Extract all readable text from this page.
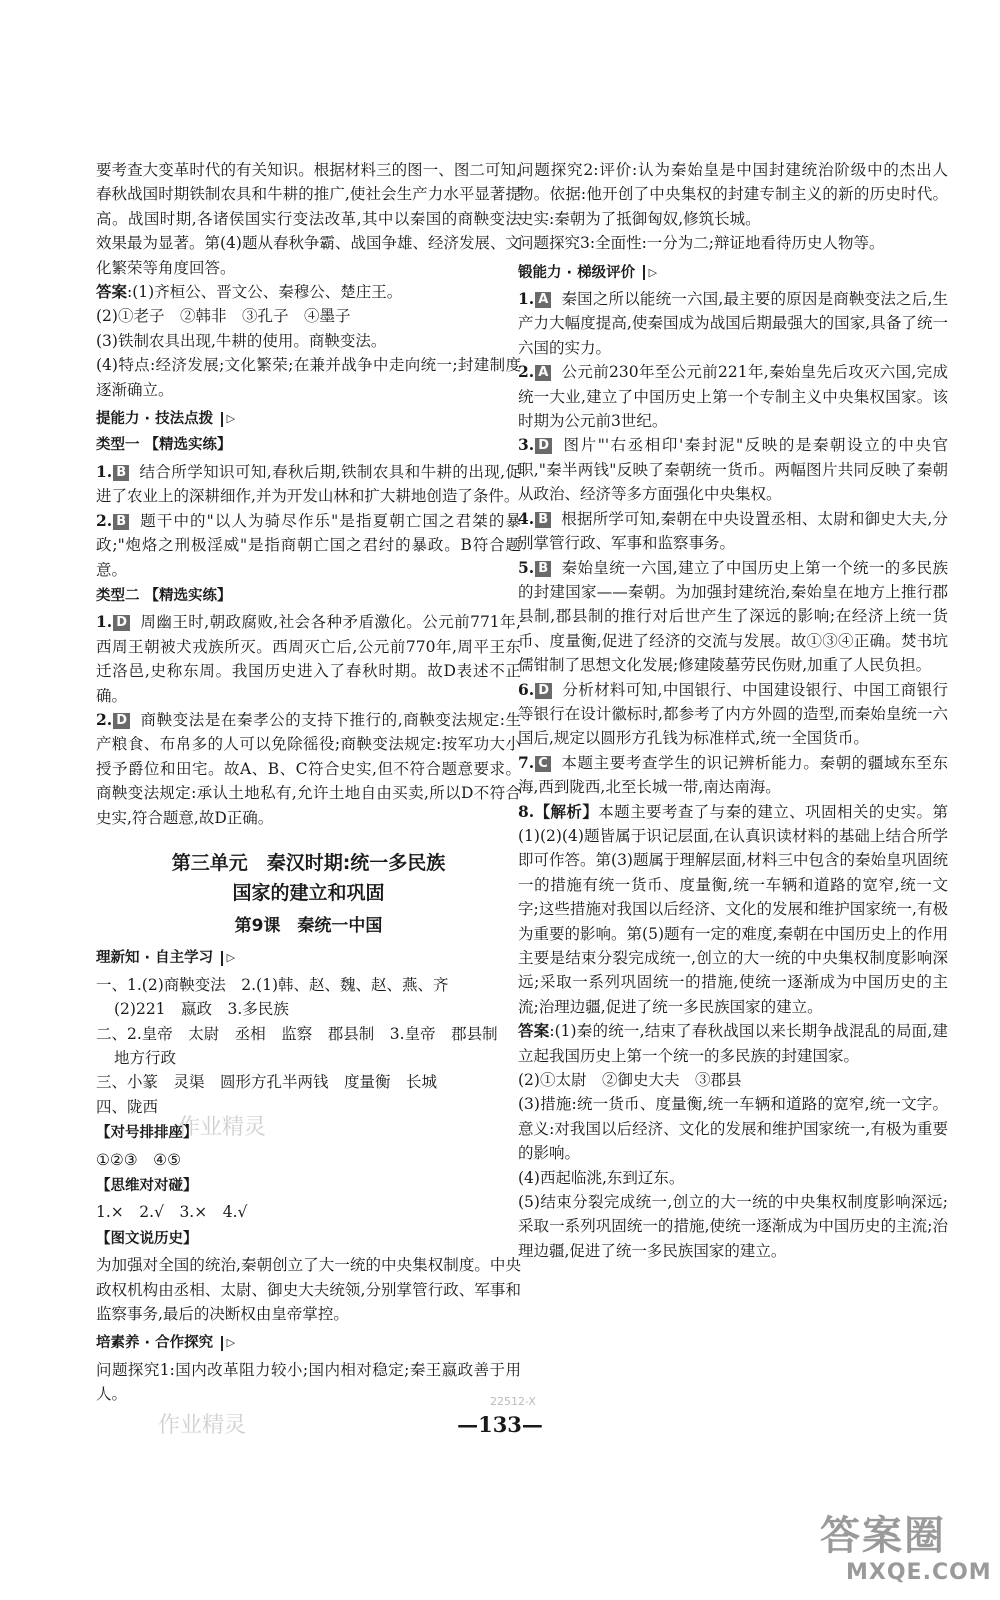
要考查大变革时代的有关知识。根据材料三的图一、图二可知,春秋战国时期铁制农具和牛耕的推广,使社会生产力水平显著提高。战国时期,各诸侯国实行变法改革,其中以秦国的商鞅变法效果最为显著。第(4)题从春秋争霸、战国争雄、经济发展、文化繁荣等角度回答。

答案:(1)齐桓公、晋文公、秦穆公、楚庄王。

(2)①老子　②韩非　③孔子　④墨子

(3)铁制农具出现,牛耕的使用。商鞅变法。

(4)特点:经济发展;文化繁荣;在兼并战争中走向统一;封建制度逐渐确立。

提能力 · 技法点拨 ▷
类型一 【精选实练】

1. B 结合所学知识可知,春秋后期,铁制农具和牛耕的出现,促进了农业上的深耕细作,并为开发山林和扩大耕地创造了条件。

2. B 题干中的"以人为骑尽作乐"是指夏朝亡国之君桀的暴政;"炮烙之刑极淫威"是指商朝亡国之君纣的暴政。B符合题意。

类型二 【精选实练】

1. D 周幽王时,朝政腐败,社会各种矛盾激化。公元前771年,西周王朝被犬戎族所灭。西周灭亡后,公元前770年,周平王东迁洛邑,史称东周。我国历史进入了春秋时期。故D表述不正确。

2. D 商鞅变法是在秦孝公的支持下推行的,商鞅变法规定:生产粮食、布帛多的人可以免除徭役;商鞅变法规定:按军功大小授予爵位和田宅。故A、B、C符合史实,但不符合题意要求。商鞅变法规定:承认土地私有,允许土地自由买卖,所以D不符合史实,符合题意,故D正确。

第三单元　秦汉时期:统一多民族
国家的建立和巩固
第9课　秦统一中国
理新知 · 自主学习 ▷

一、1.(2)商鞅变法　2.(1)韩、赵、魏、赵、燕、齐

(2)221　嬴政　3.多民族

二、2.皇帝　太尉　丞相　监察　郡县制　3.皇帝　郡县制

地方行政

三、小篆　灵渠　圆形方孔半两钱　度量衡　长城

四、陇西

【对号排排座】

①②③　④⑤

【思维对对碰】

1.×　2.√　3.×　4.√

【图文说历史】

为加强对全国的统治,秦朝创立了大一统的中央集权制度。中央政权机构由丞相、太尉、御史大夫统领,分别掌管行政、军事和监察事务,最后的决断权由皇帝掌控。

培素养 · 合作探究 ▷

问题探究1:国内改革阻力较小;国内相对稳定;秦王嬴政善于用人。

问题探究2:评价:认为秦始皇是中国封建统治阶级中的杰出人物。依据:他开创了中央集权的封建专制主义的新的历史时代。史实:秦朝为了抵御匈奴,修筑长城。

问题探究3:全面性:一分为二;辩证地看待历史人物等。

锻能力 · 梯级评价 ▷

1. A 秦国之所以能统一六国,最主要的原因是商鞅变法之后,生产力大幅度提高,使秦国成为战国后期最强大的国家,具备了统一六国的实力。

2. A 公元前230年至公元前221年,秦始皇先后攻灭六国,完成统一大业,建立了中国历史上第一个专制主义中央集权国家。该时期为公元前3世纪。

3. D 图片"'右丞相印'秦封泥"反映的是秦朝设立的中央官职,"秦半两钱"反映了秦朝统一货币。两幅图片共同反映了秦朝从政治、经济等多方面强化中央集权。

4. B 根据所学可知,秦朝在中央设置丞相、太尉和御史大夫,分别掌管行政、军事和监察事务。

5. B 秦始皇统一六国,建立了中国历史上第一个统一的多民族的封建国家——秦朝。为加强封建统治,秦始皇在地方上推行郡县制,郡县制的推行对后世产生了深远的影响;在经济上统一货币、度量衡,促进了经济的交流与发展。故①③④正确。焚书坑儒钳制了思想文化发展;修建陵墓劳民伤财,加重了人民负担。

6. D 分析材料可知,中国银行、中国建设银行、中国工商银行等银行在设计徽标时,都参考了内方外圆的造型,而秦始皇统一六国后,规定以圆形方孔钱为标准样式,统一全国货币。

7. C 本题主要考查学生的识记辨析能力。秦朝的疆域东至东海,西到陇西,北至长城一带,南达南海。

8.【解析】本题主要考查了与秦的建立、巩固相关的史实。第(1)(2)(4)题皆属于识记层面,在认真识读材料的基础上结合所学即可作答。第(3)题属于理解层面,材料三中包含的秦始皇巩固统一的措施有统一货币、度量衡,统一车辆和道路的宽窄,统一文字;这些措施对我国以后经济、文化的发展和维护国家统一,有极为重要的影响。第(5)题有一定的难度,秦朝在中国历史上的作用主要是结束分裂完成统一,创立的大一统的中央集权制度影响深远;采取一系列巩固统一的措施,使统一逐渐成为中国历史的主流;治理边疆,促进了统一多民族国家的建立。

答案:(1)秦的统一,结束了春秋战国以来长期争战混乱的局面,建立起我国历史上第一个统一的多民族的封建国家。

(2)①太尉　②御史大夫　③郡县

(3)措施:统一货币、度量衡,统一车辆和道路的宽窄,统一文字。意义:对我国以后经济、文化的发展和维护国家统一,有极为重要的影响。

(4)西起临洮,东到辽东。

(5)结束分裂完成统一,创立的大一统的中央集权制度影响深远;采取一系列巩固统一的措施,使统一逐渐成为中国历史的主流;治理边疆,促进了统一多民族国家的建立。

—133—
作业精灵
作业精灵
22512-X
答案圈
MXQE.COM
